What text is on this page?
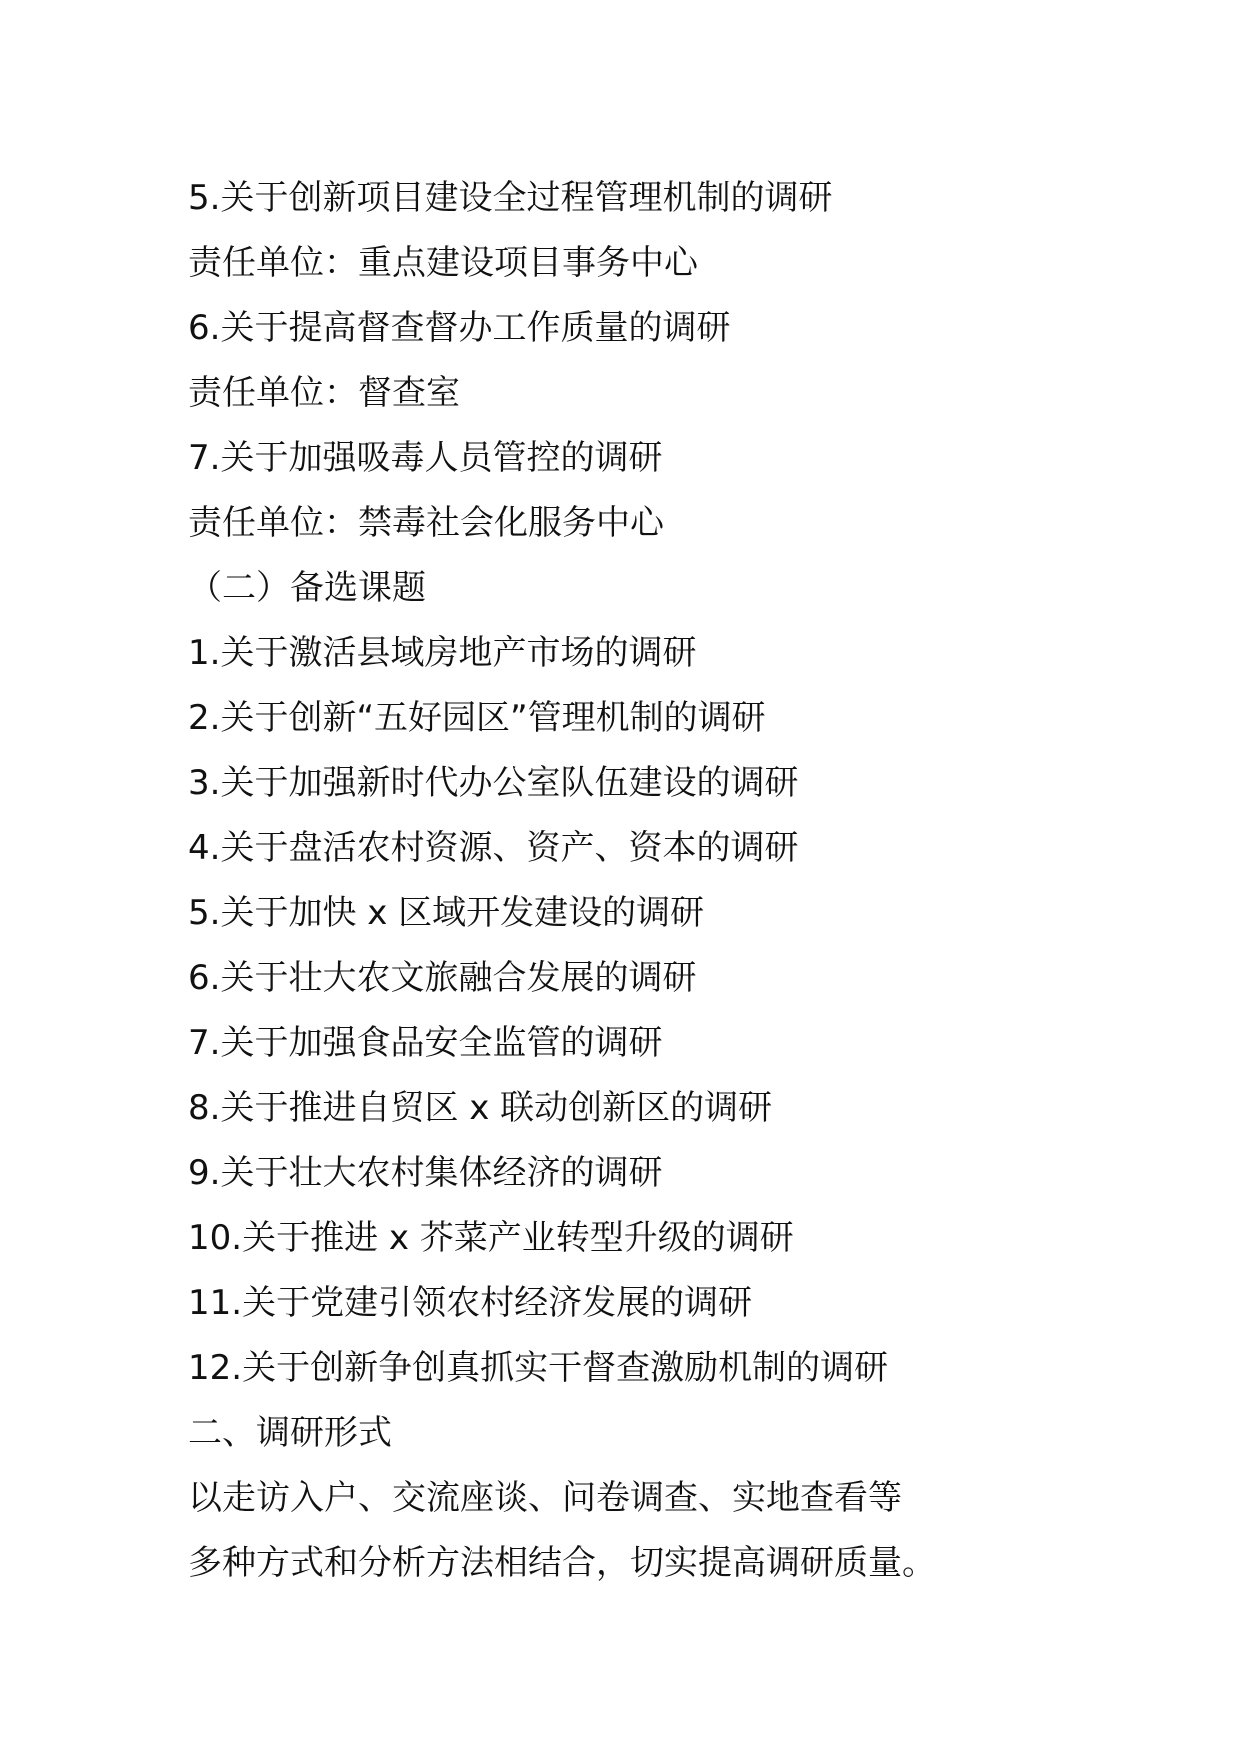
5.关于创新项目建设全过程管理机制的调研

责任单位：重点建设项目事务中心

6.关于提高督查督办工作质量的调研

责任单位：督查室

7.关于加强吸毒人员管控的调研

责任单位：禁毒社会化服务中心

（二）备选课题

1.关于激活县域房地产市场的调研

2.关于创新“五好园区”管理机制的调研

3.关于加强新时代办公室队伍建设的调研

4.关于盘活农村资源、资产、资本的调研

5.关于加快 x 区域开发建设的调研

6.关于壮大农文旅融合发展的调研

7.关于加强食品安全监管的调研

8.关于推进自贸区 x 联动创新区的调研

9.关于壮大农村集体经济的调研

10.关于推进 x 芥菜产业转型升级的调研

11.关于党建引领农村经济发展的调研

12.关于创新争创真抓实干督查激励机制的调研

二、调研形式

以走访入户、交流座谈、问卷调查、实地查看等

多种方式和分析方法相结合，切实提高调研质量。
